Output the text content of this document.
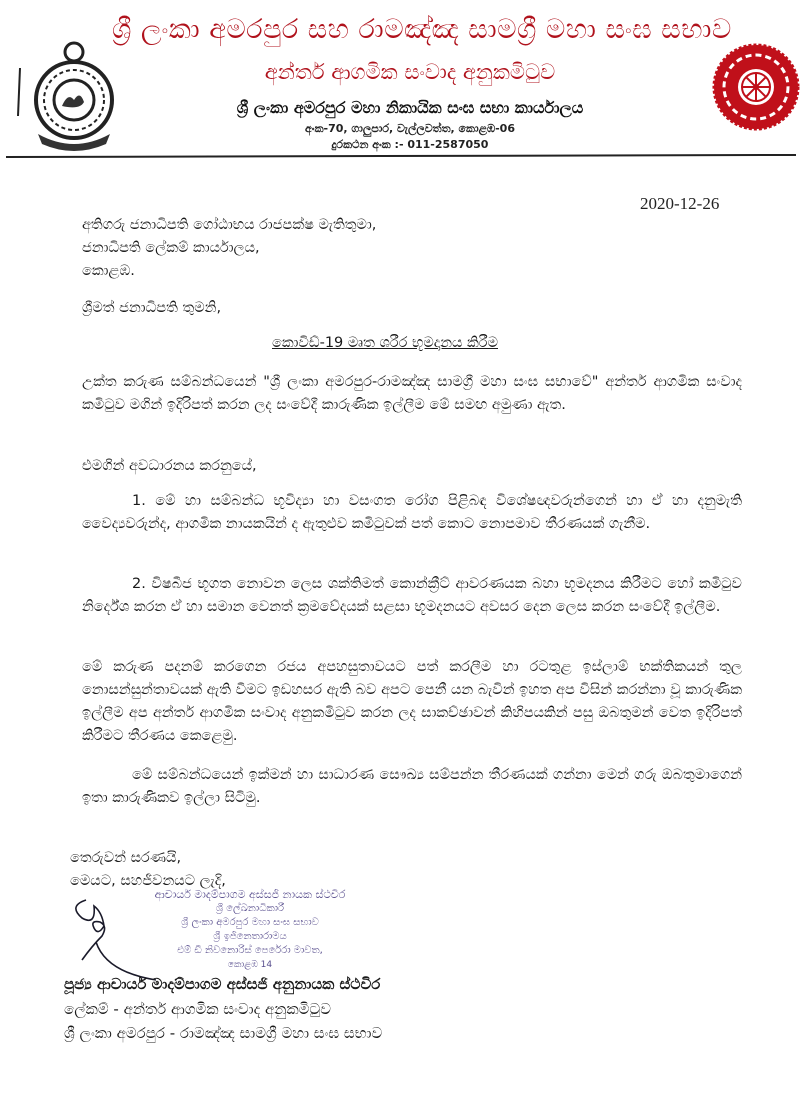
ශ්‍රී ලංකා අමරපුර සහ රාමඤ්ඤ සාමග්‍රී මහා සංඝ සභාව
අන්තර් ආගමික සංවාද අනුකමිටුව
ශ්‍රී ලංකා අමරපුර මහා නිකායික සංඝ සභා කාර්යාලය
අංක-70, ගාලුපාර, වැල්ලවත්ත, කොළඹ-06
දුරකථන අංක :- 011-2587050
2020-12-26
අතිගරු ජනාධිපති ගෝඨාභය රාජපක්ෂ මැතිතුමා,
ජනාධිපති ලේකම් කාර්යාලය,
කොළඹ.
ශ්‍රීමත් ජනාධිපති තුමනි,
කොවිඩ්-19 මෘත ශරීර භූමදානය කිරීම
උක්ත කරුණ සම්බන්ධයෙන් "ශ්‍රී ලංකා අමරපුර-රාමඤ්ඤ සාමග්‍රී මහා සංඝ සභාවේ" අන්තර් ආගමික සංවාද කමිටුව මගින් ඉදිරිපත් කරන ලද සංවේදී කාරුණික ඉල්ලීම මේ සමඟ අමුණා ඇත.
එමගින් අවධාරනය කරනුයේ,
1. මේ හා සම්බන්ධ භූවිද්‍යා හා වසංගත රෝග පිළිබඳ විශේෂඥවරුන්ගෙන් හා ඒ හා දනුමැති වෛද්‍යවරුන්ද, ආගමික නායකයින් ද ඇතුළුව කමිටුවක් පත් කොට නොපමාව තීරණයක් ගැනීම.
2. විෂබීජ භූගත නොවන ලෙස ශක්තිමත් කොන්ක්‍රීට් ආවරණයක බහා භූමදනය කිරීමට හෝ කමිටුව නිර්දේශ කරන ඒ හා සමාන වෙනත් ක්‍රමවේදයක් සළසා භූමදනයට අවසර දෙන ලෙස කරන සංවේදී ඉල්ලීම.
මේ කරුණ පදනම් කරගෙන රජය අපහසුතාවයට පත් කරලීම හා රටතුළ ඉස්ලාම් භක්තිකයන් තුල නොසන්සුන්තාවයක් ඇති වීමට ඉඩහසර ඇති බව අපට පෙනී යන බැවින් ඉහත අප විසින් කරන්නා වූ කාරුණික ඉල්ලීම අප අන්තර් ආගමික සංවාද අනුකමිටුව කරන ලද සාකච්ඡාවන් කිහිපයකින් පසු ඔබතුමන් වෙත ඉදිරිපත් කිරීමට තීරණය කෙළෙමු.
මේ සම්බන්ධයෙන් ඉක්මන් හා සාධාරණ සෞඛ්‍ය සම්පන්න තීරණයක් ගන්නා මෙන් ගරු ඔබතුමාගෙන් ඉතා කාරුණිකව ඉල්ලා සිටිමු.
තෙරුවන් සරණයි,
මෙයට, සහජීවනයට ලැදි,
ආචාර්ය මාදම්පාගම අස්සජි නායක ස්ථවිර
ශ්‍රී ලේඛනාධිකාරී
ශ්‍රී ලංකා අමරපුර මහා සංඝ සභාව
ශ්‍රී ඉජිනෙතාරාමය
එම් ඩී නිවනොරිස් පෙරේරා මාවත,
කොළඹ 14
පූජ්‍ය ආචාර්ය මාදම්පාගම අස්සජි අනුනායක ස්ථවිර
ලේකම් - අන්තර් ආගමික සංවාද අනුකමිටුව
ශ්‍රී ලංකා අමරපුර - රාමඤ්ඤ සාමග්‍රී මහා සංඝ සභාව
